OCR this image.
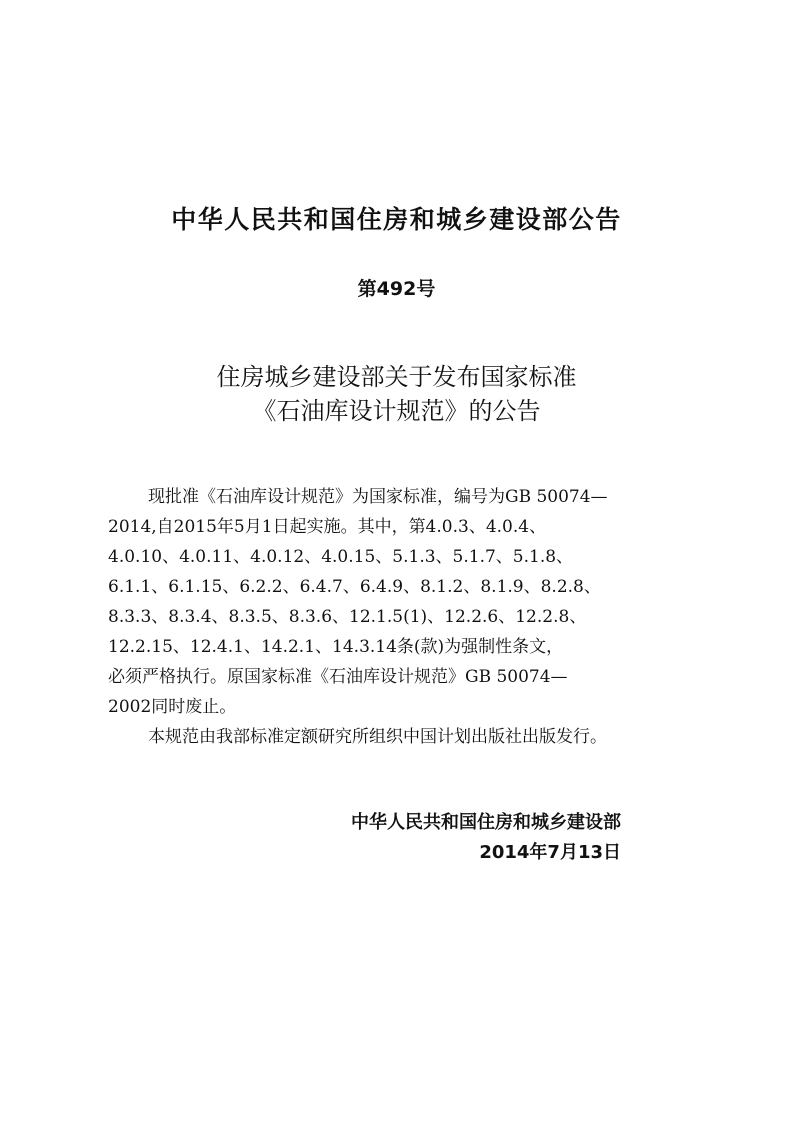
中华人民共和国住房和城乡建设部公告
第492号
住房城乡建设部关于发布国家标准
《石油库设计规范》的公告
现批准《石油库设计规范》为国家标准，编号为GB 50074—
2014,自2015年5月1日起实施。其中，第4.0.3、4.0.4、
4.0.10、4.0.11、4.0.12、4.0.15、5.1.3、5.1.7、5.1.8、
6.1.1、6.1.15、6.2.2、6.4.7、6.4.9、8.1.2、8.1.9、8.2.8、
8.3.3、8.3.4、8.3.5、8.3.6、12.1.5(1)、12.2.6、12.2.8、
12.2.15、12.4.1、14.2.1、14.3.14条(款)为强制性条文，
必须严格执行。原国家标准《石油库设计规范》GB 50074—
2002同时废止。
本规范由我部标准定额研究所组织中国计划出版社出版发行。
中华人民共和国住房和城乡建设部
2014年7月13日
